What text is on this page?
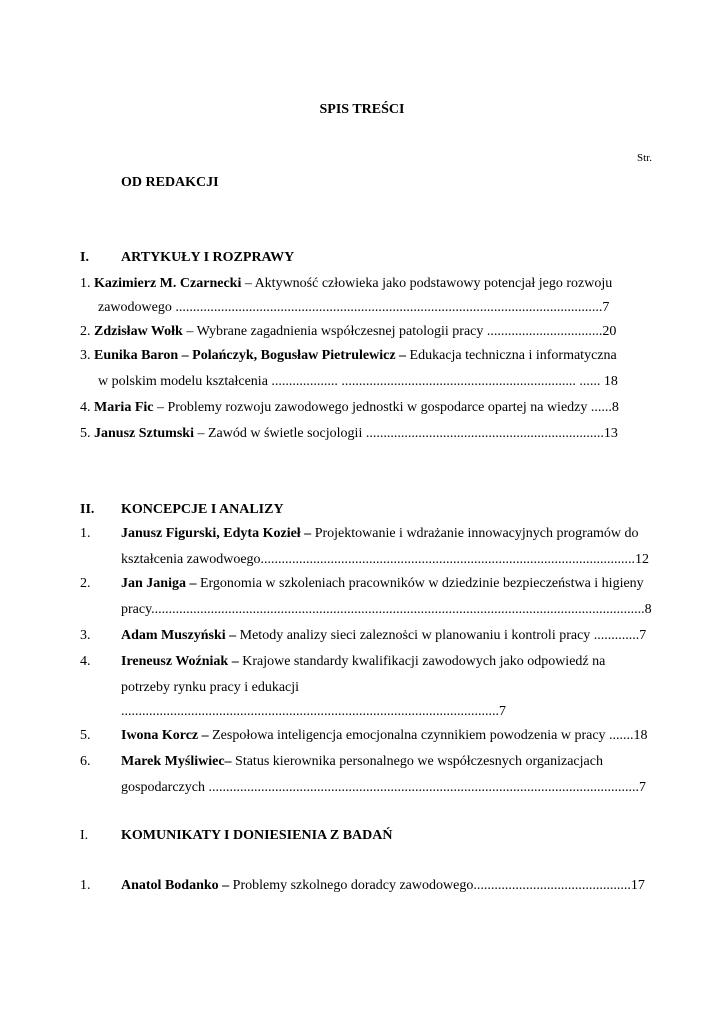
SPIS TREŚCI
Str.
OD REDAKCJI
I. ARTYKUŁY I ROZPRAWY
1. Kazimierz M. Czarnecki – Aktywność człowieka jako podstawowy potencjał jego rozwoju
zawodowego ..........................................................................................................................7
2. Zdzisław Wołk – Wybrane zagadnienia współczesnej patologii pracy .................................20
3. Eunika Baron – Polańczyk, Bogusław Pietrulewicz – Edukacja techniczna i informatyczna
w polskim modelu kształcenia ................... ................................................................... ...... 18
4. Maria Fic – Problemy rozwoju zawodowego jednostki w gospodarce opartej na wiedzy ......8
5. Janusz Sztumski – Zawód w świetle socjologii ....................................................................13
II. KONCEPCJE I ANALIZY
1. Janusz Figurski, Edyta Kozieł – Projektowanie i wdrażanie innowacyjnych programów do
kształcenia zawodwoego...........................................................................................................12
2. Jan Janiga – Ergonomia w szkoleniach pracowników w dziedzinie bezpieczeństwa i higieny
pracy.............................................................................................................................................8
3. Adam Muszyński – Metody analizy sieci zaleznoṡci w planowaniu i kontroli pracy .............7
4. Ireneusz Woźniak – Krajowe standardy kwalifikacji zawodowych jako odpowiedź na
potrzeby rynku pracy i edukacji
............................................................................................................7
5. Iwona Korcz – Zespołowa inteligencja emocjonalna czynnikiem powodzenia w pracy .......18
6. Marek Myśliwiec– Status kierownika personalnego we współczesnych organizacjach
gospodarczych ...........................................................................................................................7
I. KOMUNIKATY I DONIESIENIA Z BADAŃ
1. Anatol Bodanko – Problemy szkolnego doradcy zawodowego.............................................17
